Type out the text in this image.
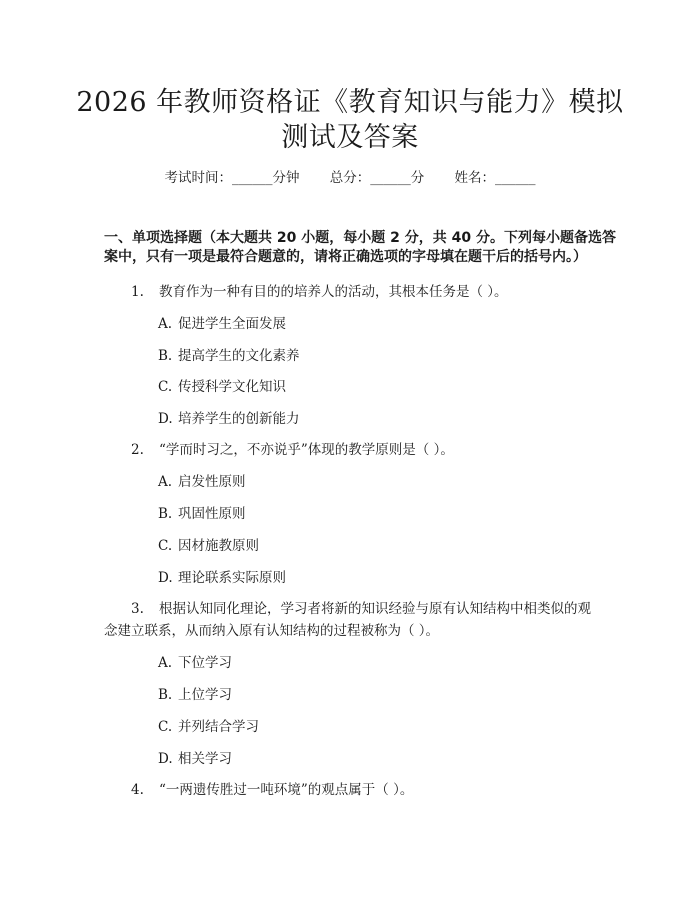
2026 年教师资格证《教育知识与能力》模拟
测试及答案
考试时间：______分钟 总分：______分 姓名：______
一、单项选择题（本大题共 20 小题，每小题 2 分，共 40 分。下列每小题备选答
案中，只有一项是最符合题意的，请将正确选项的字母填在题干后的括号内。）
1. 教育作为一种有目的的培养人的活动，其根本任务是（ ）。
A. 促进学生全面发展
B. 提高学生的文化素养
C. 传授科学文化知识
D. 培养学生的创新能力
2. “学而时习之，不亦说乎”体现的教学原则是（ ）。
A. 启发性原则
B. 巩固性原则
C. 因材施教原则
D. 理论联系实际原则
3. 根据认知同化理论，学习者将新的知识经验与原有认知结构中相类似的观
念建立联系，从而纳入原有认知结构的过程被称为（ ）。
A. 下位学习
B. 上位学习
C. 并列结合学习
D. 相关学习
4. “一两遗传胜过一吨环境”的观点属于（ ）。
